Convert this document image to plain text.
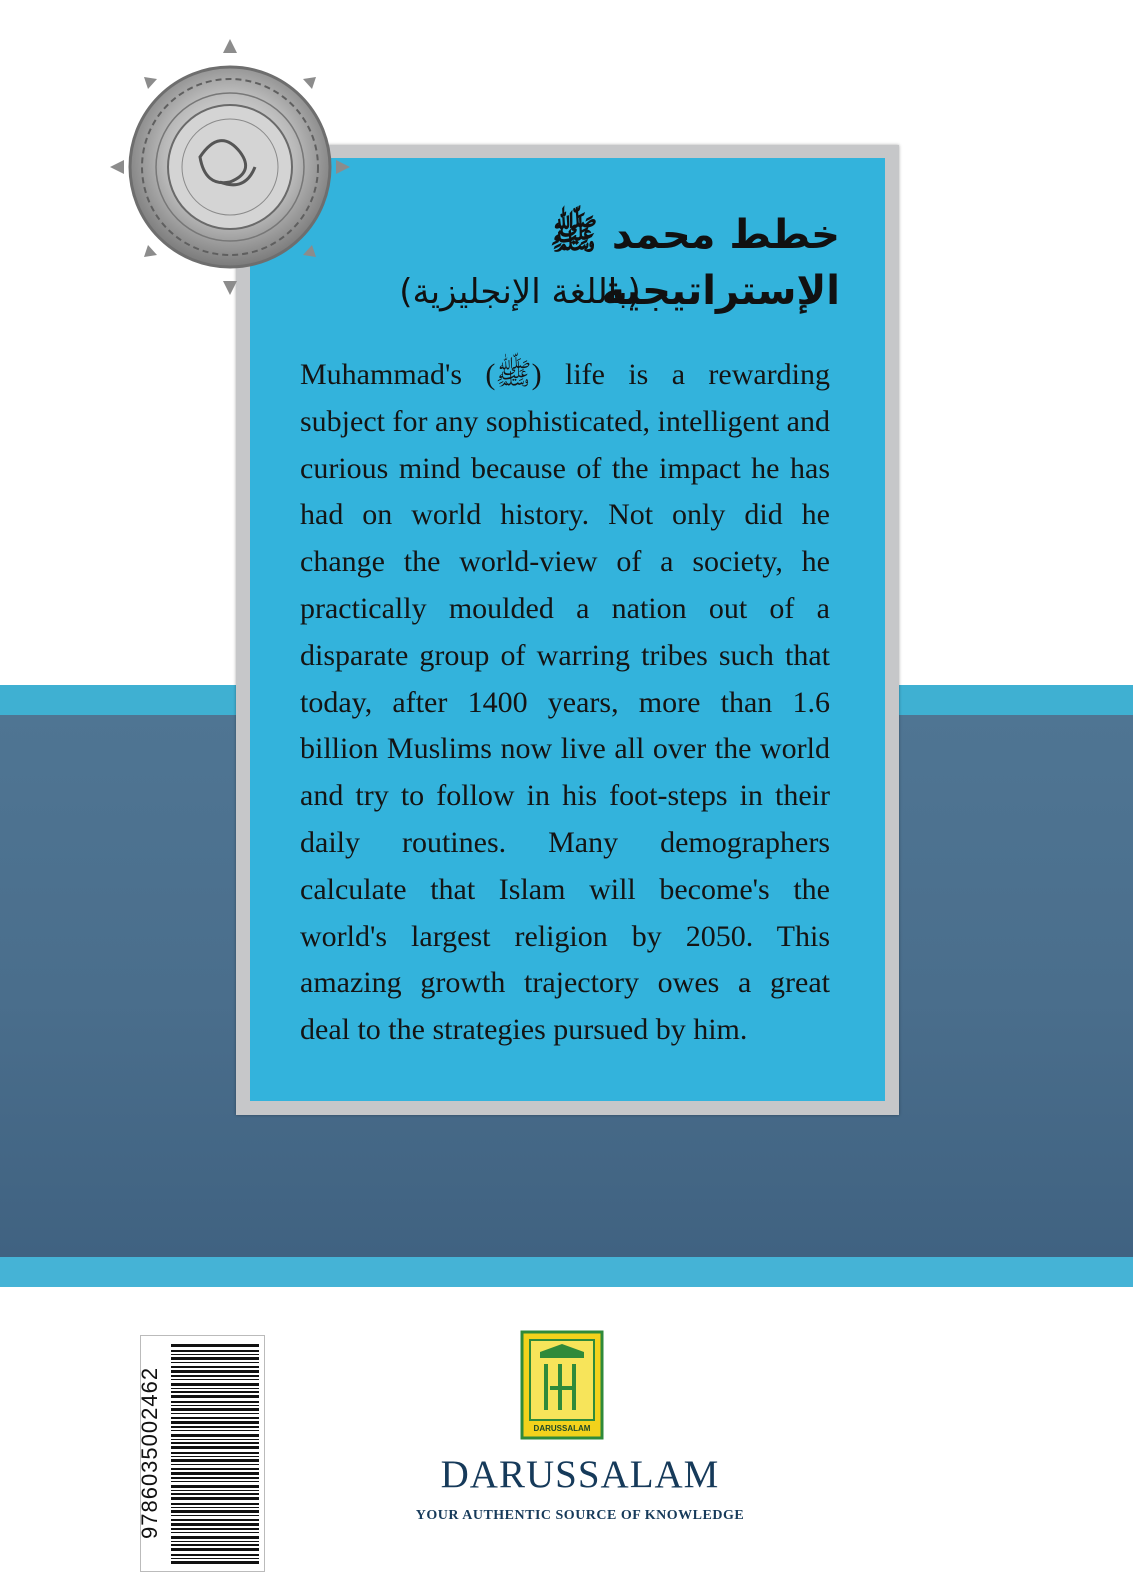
خطط محمد ﷺ الإستراتيجية

(باللغة الإنجليزية)

Muhammad's (ﷺ) life is a rewarding subject for any sophisticated, intelligent and curious mind because of the impact he has had on world history. Not only did he change the world-view of a society, he practically moulded a nation out of a disparate group of warring tribes such that today, after 1400 years, more than 1.6 billion Muslims now live all over the world and try to follow in his foot-steps in their daily routines. Many demographers calculate that Islam will become's the world's largest religion by 2050. This amazing growth trajectory owes a great deal to the strategies pursued by him.

9786035002462	DARUSSALAM

DARUSSALAM

YOUR AUTHENTIC SOURCE OF KNOWLEDGE
